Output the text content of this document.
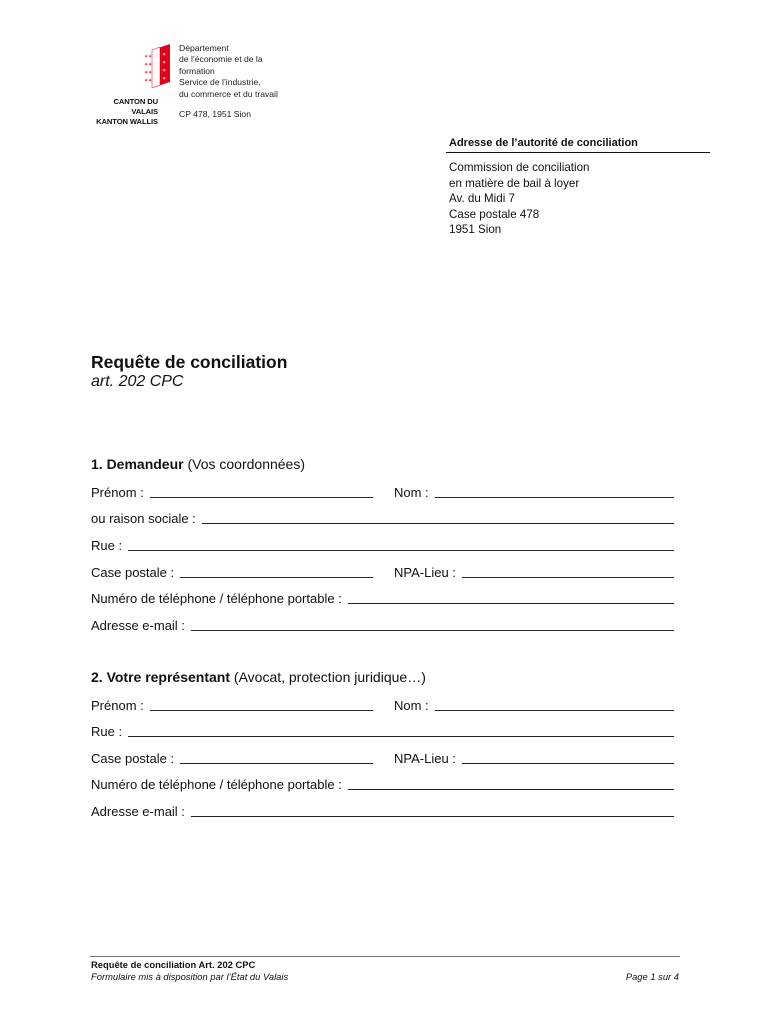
✶ ✶
✶ ✶
✶ ✶
✶ ✶
✶
✶
✶
✶
CANTON DU VALAIS
KANTON WALLIS
Département
de l’économie et de la
formation
Service de l’industrie,
du commerce et du travail
CP 478, 1951 Sion
Adresse de l’autorité de conciliation
Commission de conciliation
en matière de bail à loyer
Av. du Midi 7
Case postale 478
1951 Sion
Requête de conciliation
art. 202 CPC
1. Demandeur (Vos coordonnées)
Prénom :	Nom :
ou raison sociale :
Rue :
Case postale :	NPA-Lieu :
Numéro de téléphone / téléphone portable :
Adresse e-mail :
2. Votre représentant (Avocat, protection juridique…)
Prénom :	Nom :
Rue :
Case postale :	NPA-Lieu :
Numéro de téléphone / téléphone portable :
Adresse e-mail :
Requête de conciliation Art. 202 CPC
Formulaire mis à disposition par l’État du Valais	Page 1 sur 4
